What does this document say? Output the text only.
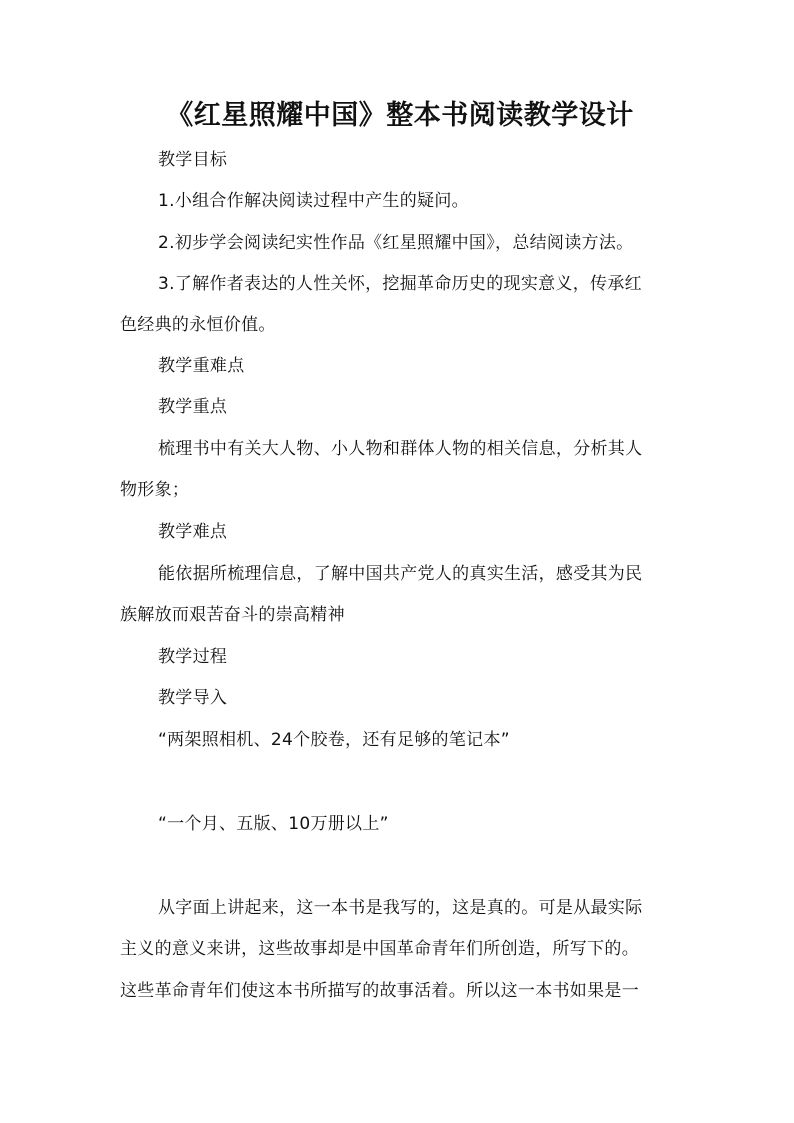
《红星照耀中国》整本书阅读教学设计
教学目标
1.小组合作解决阅读过程中产生的疑问。
2.初步学会阅读纪实性作品《红星照耀中国》，总结阅读方法。
3.了解作者表达的人性关怀，挖掘革命历史的现实意义，传承红
色经典的永恒价值。
教学重难点
教学重点
梳理书中有关大人物、小人物和群体人物的相关信息，分析其人
物形象；
教学难点
能依据所梳理信息，了解中国共产党人的真实生活，感受其为民
族解放而艰苦奋斗的崇高精神
教学过程
教学导入
“两架照相机、24个胶卷，还有足够的笔记本”
“一个月、五版、10万册以上”
从字面上讲起来，这一本书是我写的，这是真的。可是从最实际
主义的意义来讲，这些故事却是中国革命青年们所创造，所写下的。
这些革命青年们使这本书所描写的故事活着。所以这一本书如果是一
